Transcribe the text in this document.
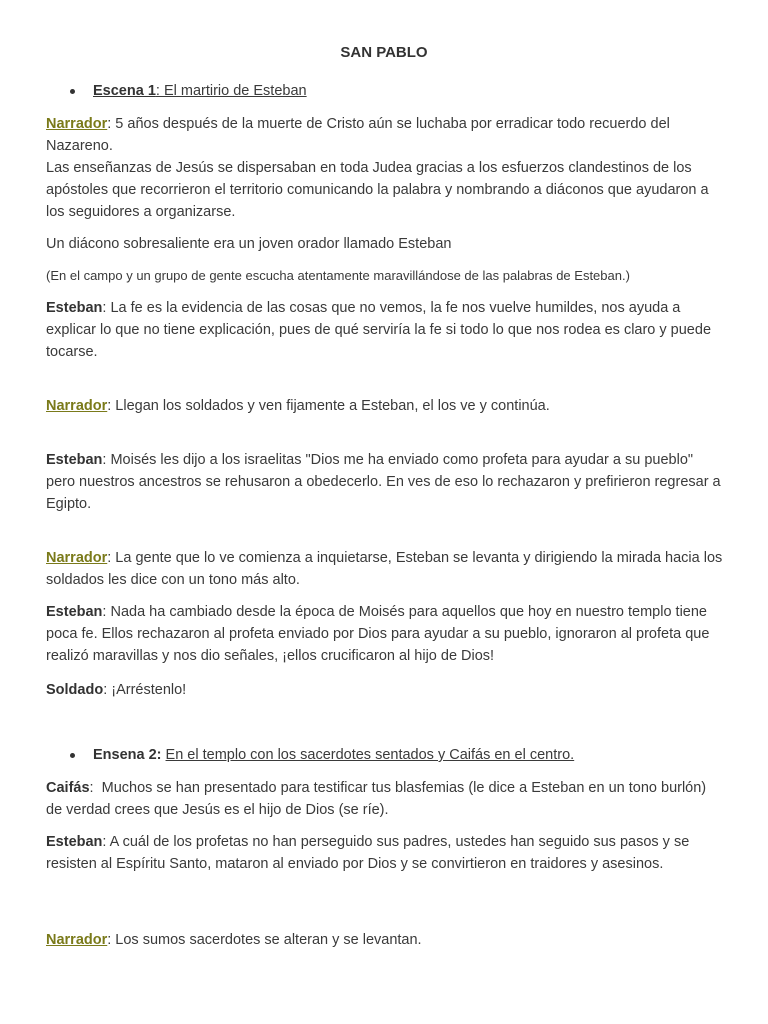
SAN PABLO
Escena 1: El martirio de Esteban

Narrador: 5 años después de la muerte de Cristo aún se luchaba por erradicar todo recuerdo del Nazareno.

Las enseñanzas de Jesús se dispersaban en toda Judea gracias a los esfuerzos clandestinos de los apóstoles que recorrieron el territorio comunicando la palabra y nombrando a diáconos que ayudaron a los seguidores a organizarse.

Un diácono sobresaliente era un joven orador llamado Esteban

(En el campo y un grupo de gente escucha atentamente maravillándose de las palabras de Esteban.)

Esteban: La fe es la evidencia de las cosas que no vemos, la fe nos vuelve humildes, nos ayuda a explicar lo que no tiene explicación, pues de qué serviría la fe si todo lo que nos rodea es claro y puede tocarse.

Narrador: Llegan los soldados y ven fijamente a Esteban, el los ve y continúa.

Esteban: Moisés les dijo a los israelitas "Dios me ha enviado como profeta para ayudar a su pueblo" pero nuestros ancestros se rehusaron a obedecerlo. En ves de eso lo rechazaron y prefirieron regresar a Egipto.

Narrador: La gente que lo ve comienza a inquietarse, Esteban se levanta y dirigiendo la mirada hacia los soldados les dice con un tono más alto.

Esteban: Nada ha cambiado desde la época de Moisés para aquellos que hoy en nuestro templo tiene poca fe. Ellos rechazaron al profeta enviado por Dios para ayudar a su pueblo, ignoraron al profeta que realizó maravillas y nos dio señales, ¡ellos crucificaron al hijo de Dios!

Soldado: ¡Arréstenlo!

Ensena 2: En el templo con los sacerdotes sentados y Caifás en el centro.

Caifás:  Muchos se han presentado para testificar tus blasfemias (le dice a Esteban en un tono burlón) de verdad crees que Jesús es el hijo de Dios (se ríe).

Esteban: A cuál de los profetas no han perseguido sus padres, ustedes han seguido sus pasos y se resisten al Espíritu Santo, mataron al enviado por Dios y se convirtieron en traidores y asesinos.

Narrador: Los sumos sacerdotes se alteran y se levantan.
